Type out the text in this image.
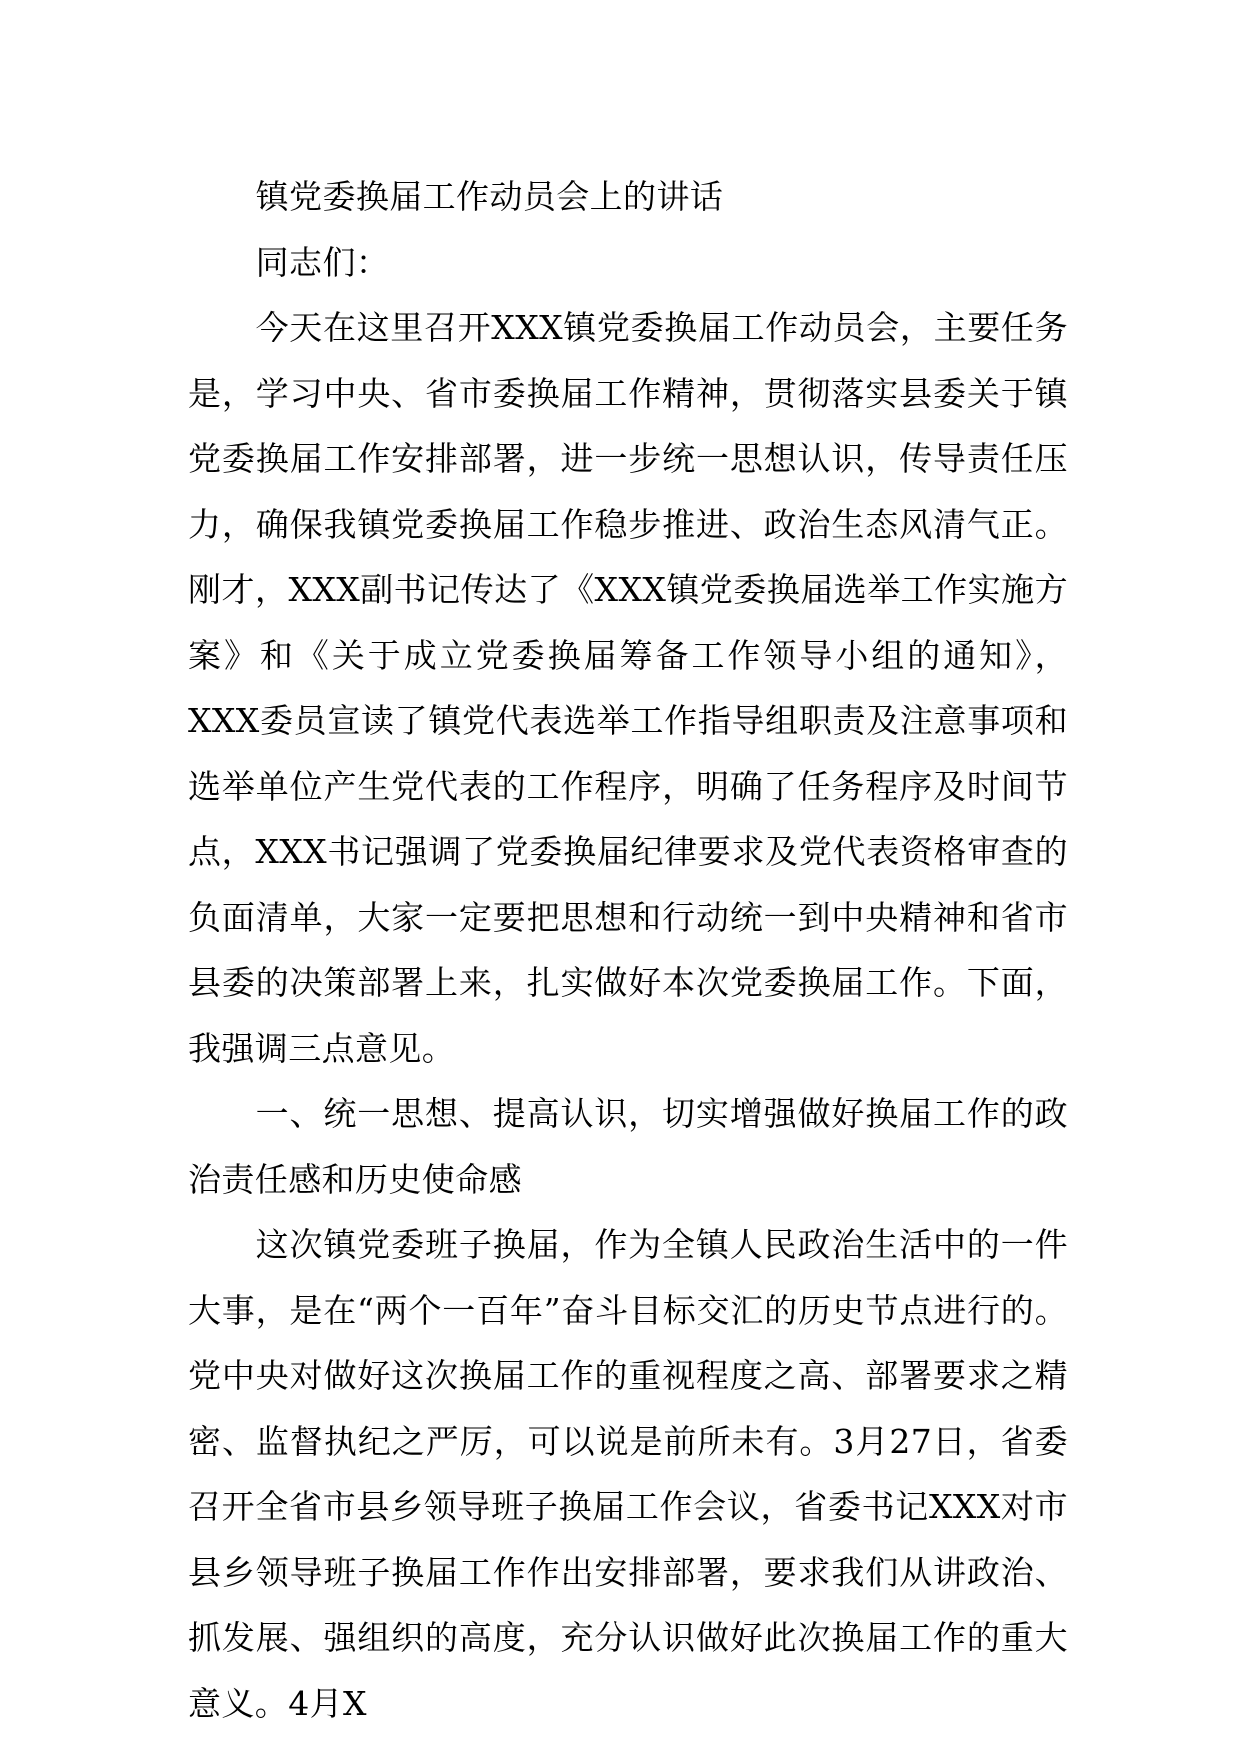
镇党委换届工作动员会上的讲话

同志们：

今天在这里召开XXX镇党委换届工作动员会，主要任务是，学习中央、省市委换届工作精神，贯彻落实县委关于镇党委换届工作安排部署，进一步统一思想认识，传导责任压力，确保我镇党委换届工作稳步推进、政治生态风清气正。刚才，XXX副书记传达了《XXX镇党委换届选举工作实施方案》和《关于成立党委换届筹备工作领导小组的通知》，XXX委员宣读了镇党代表选举工作指导组职责及注意事项和选举单位产生党代表的工作程序，明确了任务程序及时间节点，XXX书记强调了党委换届纪律要求及党代表资格审查的负面清单，大家一定要把思想和行动统一到中央精神和省市县委的决策部署上来，扎实做好本次党委换届工作。下面，我强调三点意见。

一、统一思想、提高认识，切实增强做好换届工作的政治责任感和历史使命感

这次镇党委班子换届，作为全镇人民政治生活中的一件大事，是在“两个一百年”奋斗目标交汇的历史节点进行的。党中央对做好这次换届工作的重视程度之高、部署要求之精密、监督执纪之严厉，可以说是前所未有。3月27日，省委召开全省市县乡领导班子换届工作会议，省委书记XXX对市县乡领导班子换届工作作出安排部署，要求我们从讲政治、抓发展、强组织的高度，充分认识做好此次换届工作的重大意义。4月X
